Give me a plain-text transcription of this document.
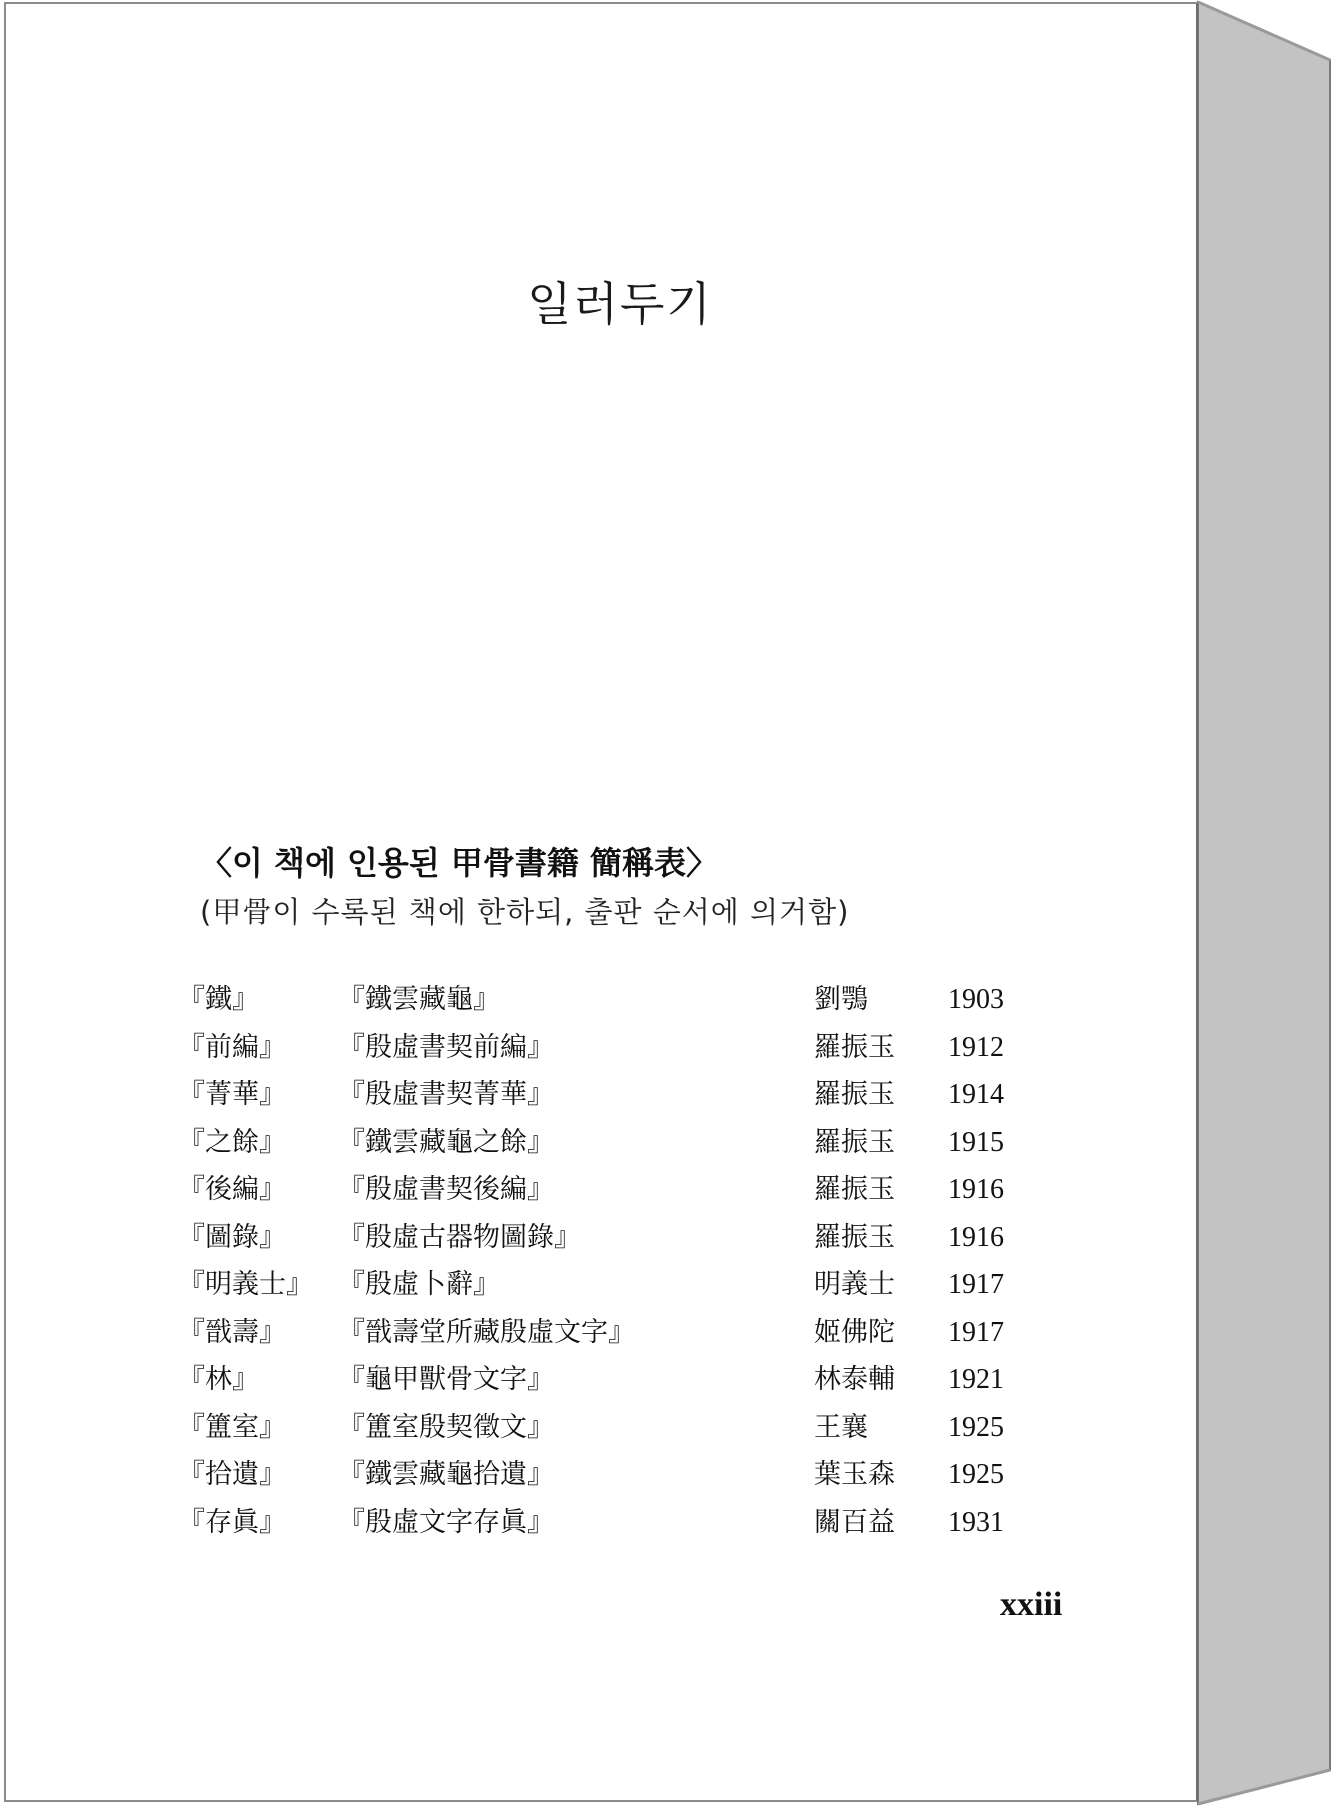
일러두기
〈이 책에 인용된 甲骨書籍 簡稱表〉
(甲骨이 수록된 책에 한하되, 출판 순서에 의거함)
『鐵』	『鐵雲藏龜』	劉鶚	1903
『前編』 『殷虛書契前編』	羅振玉 1912
『菁華』 『殷虛書契菁華』	羅振玉 1914
『之餘』 『鐵雲藏龜之餘』	羅振玉 1915
『後編』 『殷虛書契後編』	羅振玉 1916
『圖錄』 『殷虛古器物圖錄』	羅振玉 1916
『明義士』 『殷虛卜辭』	明義士 1917
『戩壽』 『戩壽堂所藏殷虛文字』	姬佛陀 1917
『林』	『龜甲獸骨文字』	林泰輔 1921
『簠室』 『簠室殷契徵文』	王襄	1925
『拾遺』 『鐵雲藏龜拾遺』	葉玉森 1925
『存眞』 『殷虛文字存眞』	關百益 1931
xxiii
